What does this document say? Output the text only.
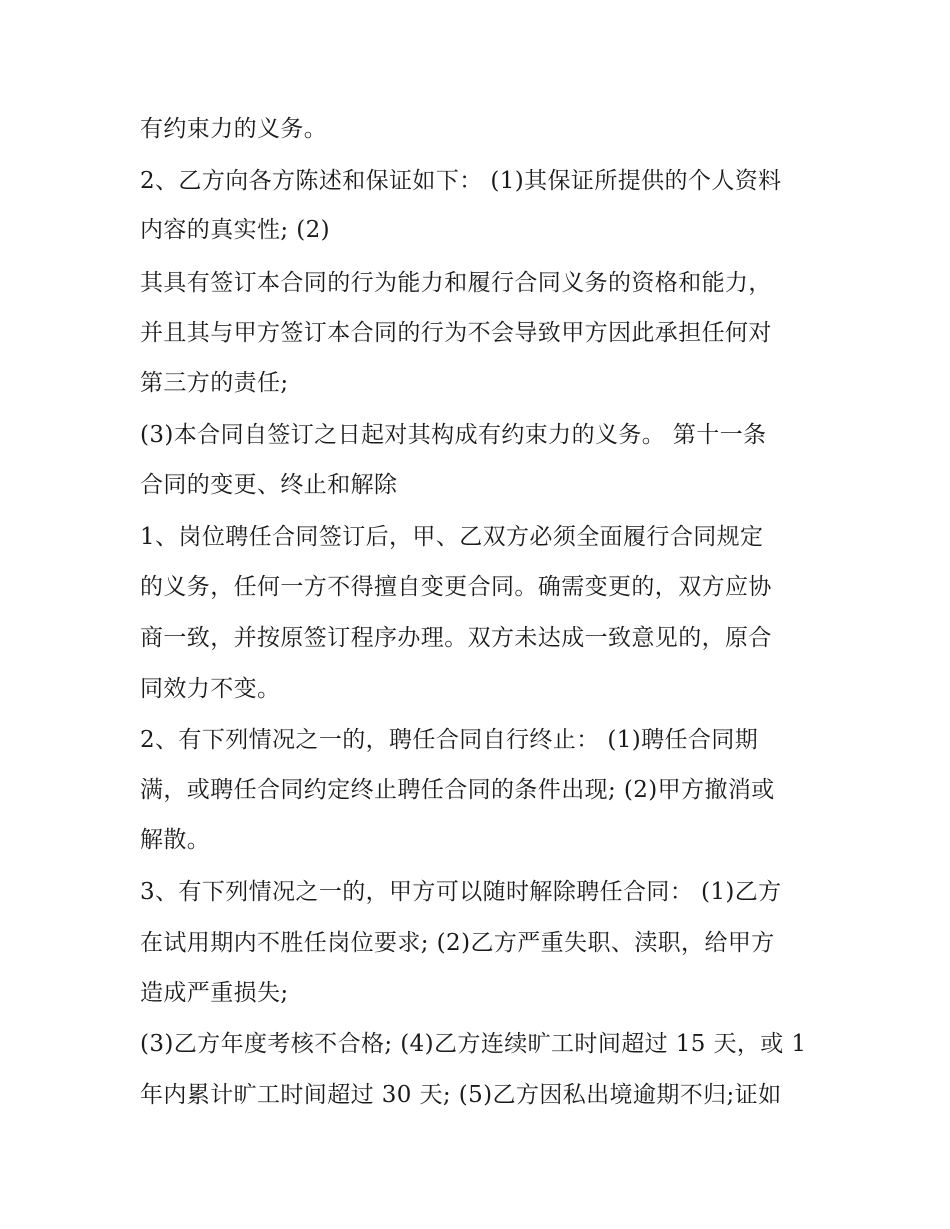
有约束力的义务。
2、乙方向各方陈述和保证如下： (1)其保证所提供的个人资料
内容的真实性; (2)
其具有签订本合同的行为能力和履行合同义务的资格和能力，
并且其与甲方签订本合同的行为不会导致甲方因此承担任何对
第三方的责任;
(3)本合同自签订之日起对其构成有约束力的义务。 第十一条
合同的变更、终止和解除
1、岗位聘任合同签订后，甲、乙双方必须全面履行合同规定
的义务，任何一方不得擅自变更合同。确需变更的，双方应协
商一致，并按原签订程序办理。双方未达成一致意见的，原合
同效力不变。
2、有下列情况之一的，聘任合同自行终止： (1)聘任合同期
满，或聘任合同约定终止聘任合同的条件出现; (2)甲方撤消或
解散。
3、有下列情况之一的，甲方可以随时解除聘任合同： (1)乙方
在试用期内不胜任岗位要求; (2)乙方严重失职、渎职，给甲方
造成严重损失;
(3)乙方年度考核不合格; (4)乙方连续旷工时间超过 15 天，或 1
年内累计旷工时间超过 30 天; (5)乙方因私出境逾期不归;证如
